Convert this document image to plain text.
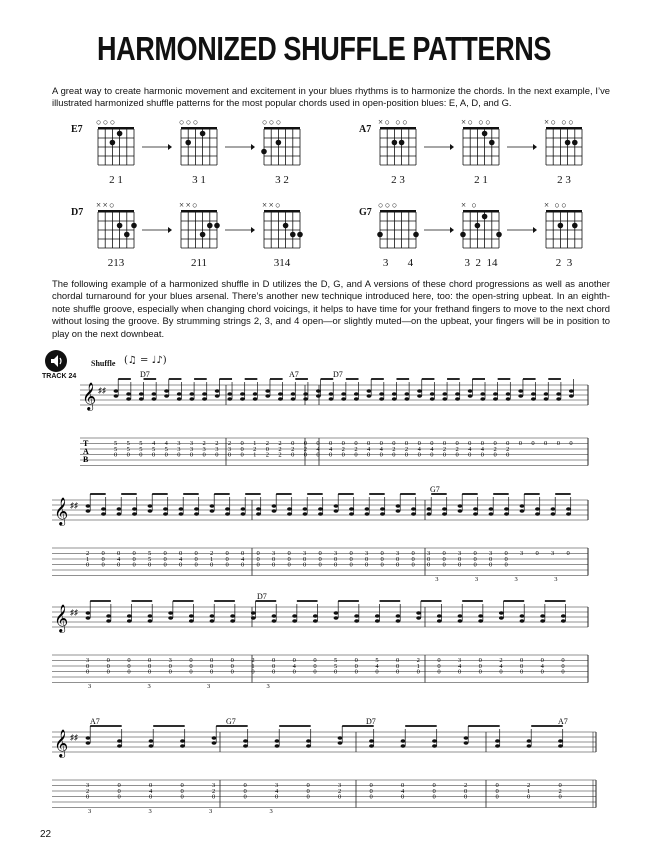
HARMONIZED SHUFFLE PATTERNS
A great way to create harmonic movement and excitement in your blues rhythms is to harmonize the chords. In the next example, I’ve illustrated harmonized shuffle patterns for the most popular chords used in open-position blues: E, A, D, and G.
E7
○○○
2 1
○○○
3 1
○○○
3 2
A7
×○ ○○
2 3
×○ ○○
2 1
×○ ○○
2 3
D7
××○
213
××○
211
××○
314
G7
○○○
3       4
× ○
3  2  14
× ○○
2  3
The following example of a harmonized shuffle in D utilizes the D, G, and A versions of these chord progressions as well as another chordal turnaround for your blues arsenal. There’s another new technique introduced here, too: the open-string upbeat. In an eighth-note shuffle groove, especially when changing chord voicings, it helps to have time for your frethand fingers to move to the next chord without losing the groove. By strumming strings 2, 3, and 4 open—or slightly muted—on the upbeat, your fingers will be in position to play on the next downbeat.
TRACK 24
Shuffle (♫ = ♩♪)
𝄞 ♯♯
D7	A7	D7
5
5
0
5
5
0
5
5
0
4
5
0
4
5
0
3
3
0
3
3
0
2
3
0
2
3
0
2
3
0
0
0
0
1
2
1
2
0
2
2
2
2
0
2
0
0
2
0
0
4
0
0
4
0
0
2
0
0
2
0
0
4
0
0
4
0
0
2
0
0
2
0
0
4
0
0
4
0
0
2
0
0
2
0
0
4
0
0
4
0
0
2
0
0
2
0
0 0 0 0 0
T
A
B
𝄞 ♯♯
G7
2
1
0
0
0
0
0
4
0
0
0
0
5
5
0
0
0
0
0
4
0
0
0
0
2
1
0
0
0
0
0
4
0
0
0
0
3
0
0
0
0
0
3
0
0
0
0
0
3
0
0
0
0
0
3
0
0
0
0
0
3
0
0
0
0
0
3
0
0
0
0
0
3
0
0
0
0
0
3
0
0
0
0
0
3 0 3 0
3	3	3	3
𝄞 ♯♯
D7
3
0
0
0
0
0
0
0
0
0
0
0
3
0
0
0
0
0
0
0
0
0
0
0
2
1
0
0
0
0
0
4
0
0
0
0
5
5
0
0
0
0
5
4
0
0
0
0
2
1
0
0
0
0
3
4
0
0
0
0
2
4
0
0
0
0
0
4
0
0
0
0
3	3	3	3
𝄞 ♯♯
A7	G7	D7	A7
3
2
0
0
0
0
0
4
0
0
0
0
3
2
0
0
0
0
3
4
0
0
0
0
3
2
0
0
0
0
0
4
0
0
0
0
2
0
0
0
0
0
2
1
0
0
2
0
3	3	3	3
22
